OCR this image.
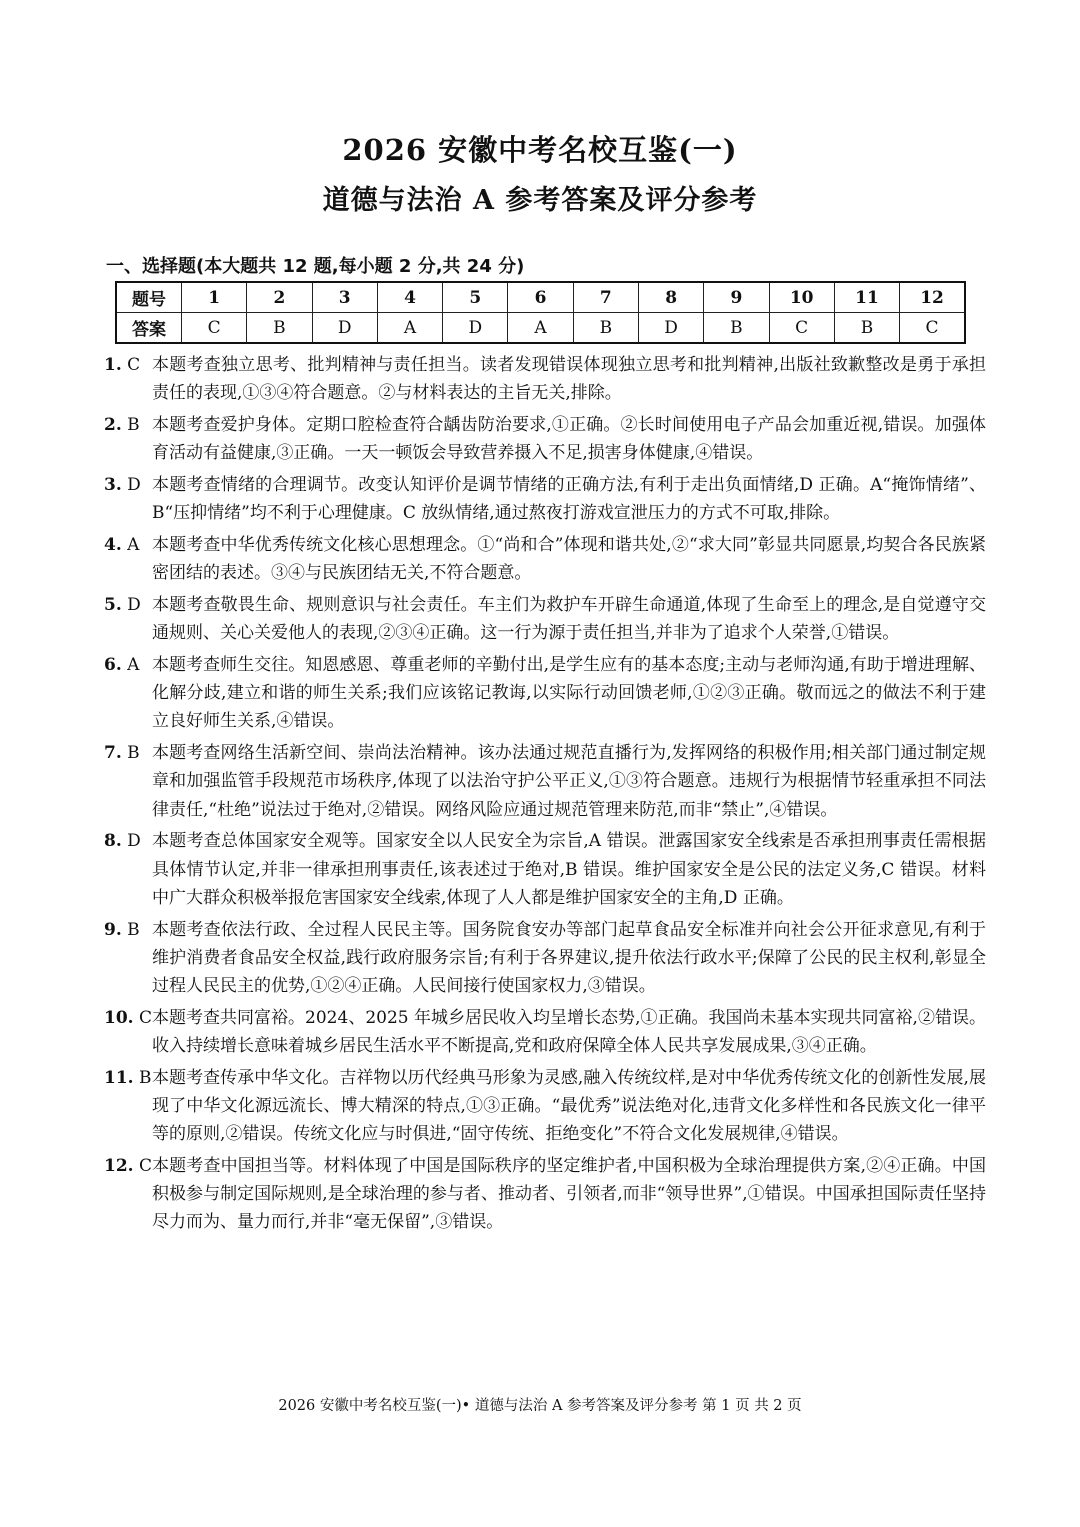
2026 安徽中考名校互鉴(一)
道德与法治 A 参考答案及评分参考
一、选择题(本大题共 12 题,每小题 2 分,共 24 分)
题号	1	2	3	4	5	6	7	8	9	10	11	12
答案	C	B	D	A	D	A	B	D	B	C	B	C
1. C 本题考查独立思考、批判精神与责任担当。读者发现错误体现独立思考和批判精神,出版社致歉整改是勇于承担责任的表现,①③④符合题意。②与材料表达的主旨无关,排除。
2. B 本题考查爱护身体。定期口腔检查符合龋齿防治要求,①正确。②长时间使用电子产品会加重近视,错误。加强体育活动有益健康,③正确。一天一顿饭会导致营养摄入不足,损害身体健康,④错误。
3. D 本题考查情绪的合理调节。改变认知评价是调节情绪的正确方法,有利于走出负面情绪,D 正确。A“掩饰情绪”、B“压抑情绪”均不利于心理健康。C 放纵情绪,通过熬夜打游戏宣泄压力的方式不可取,排除。
4. A 本题考查中华优秀传统文化核心思想理念。①“尚和合”体现和谐共处,②“求大同”彰显共同愿景,均契合各民族紧密团结的表述。③④与民族团结无关,不符合题意。
5. D 本题考查敬畏生命、规则意识与社会责任。车主们为救护车开辟生命通道,体现了生命至上的理念,是自觉遵守交通规则、关心关爱他人的表现,②③④正确。这一行为源于责任担当,并非为了追求个人荣誉,①错误。
6. A 本题考查师生交往。知恩感恩、尊重老师的辛勤付出,是学生应有的基本态度;主动与老师沟通,有助于增进理解、化解分歧,建立和谐的师生关系;我们应该铭记教诲,以实际行动回馈老师,①②③正确。敬而远之的做法不利于建立良好师生关系,④错误。
7. B 本题考查网络生活新空间、崇尚法治精神。该办法通过规范直播行为,发挥网络的积极作用;相关部门通过制定规章和加强监管手段规范市场秩序,体现了以法治守护公平正义,①③符合题意。违规行为根据情节轻重承担不同法律责任,“杜绝”说法过于绝对,②错误。网络风险应通过规范管理来防范,而非“禁止”,④错误。
8. D 本题考查总体国家安全观等。国家安全以人民安全为宗旨,A 错误。泄露国家安全线索是否承担刑事责任需根据具体情节认定,并非一律承担刑事责任,该表述过于绝对,B 错误。维护国家安全是公民的法定义务,C 错误。材料中广大群众积极举报危害国家安全线索,体现了人人都是维护国家安全的主角,D 正确。
9. B 本题考查依法行政、全过程人民民主等。国务院食安办等部门起草食品安全标准并向社会公开征求意见,有利于维护消费者食品安全权益,践行政府服务宗旨;有利于各界建议,提升依法行政水平;保障了公民的民主权利,彰显全过程人民民主的优势,①②④正确。人民间接行使国家权力,③错误。
10. C 本题考查共同富裕。2024、2025 年城乡居民收入均呈增长态势,①正确。我国尚未基本实现共同富裕,②错误。收入持续增长意味着城乡居民生活水平不断提高,党和政府保障全体人民共享发展成果,③④正确。
11. B 本题考查传承中华文化。吉祥物以历代经典马形象为灵感,融入传统纹样,是对中华优秀传统文化的创新性发展,展现了中华文化源远流长、博大精深的特点,①③正确。“最优秀”说法绝对化,违背文化多样性和各民族文化一律平等的原则,②错误。传统文化应与时俱进,“固守传统、拒绝变化”不符合文化发展规律,④错误。
12. C 本题考查中国担当等。材料体现了中国是国际秩序的坚定维护者,中国积极为全球治理提供方案,②④正确。中国积极参与制定国际规则,是全球治理的参与者、推动者、引领者,而非“领导世界”,①错误。中国承担国际责任坚持尽力而为、量力而行,并非“毫无保留”,③错误。
2026 安徽中考名校互鉴(一)• 道德与法治 A 参考答案及评分参考 第 1 页 共 2 页
